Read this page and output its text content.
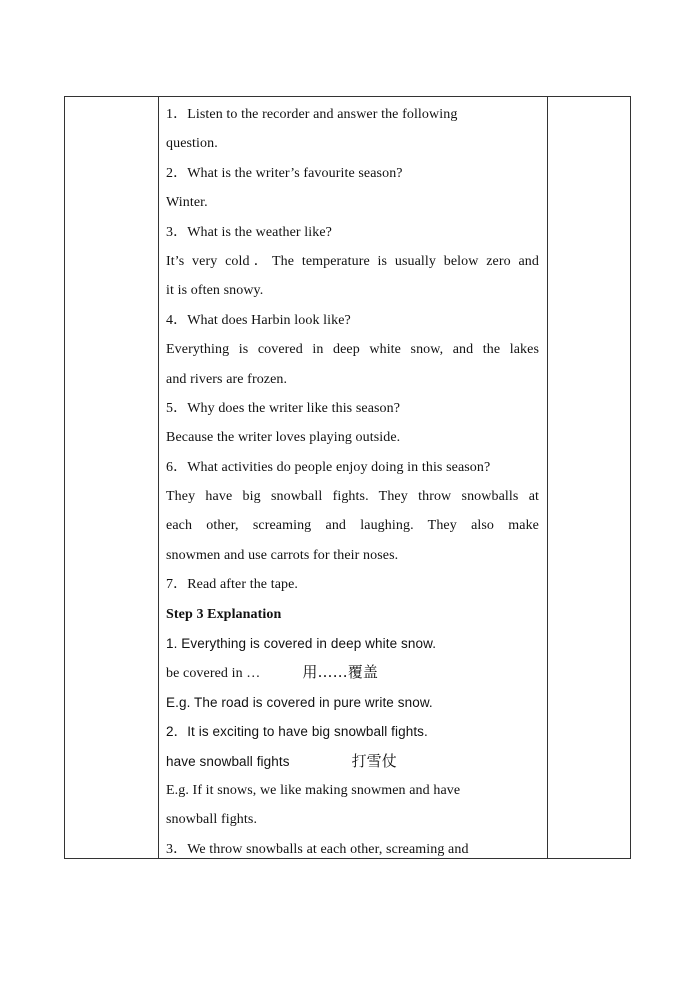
1．Listen to the recorder and answer the following
question.
2．What is the writer’s favourite season?
Winter.
3．What is the weather like?
It’s very cold．The temperature is usually below zero and
it is often snowy.
4．What does Harbin look like?
Everything is covered in deep white snow, and the lakes
and rivers are frozen.
5．Why does the writer like this season?
Because the writer loves playing outside.
6．What activities do people enjoy doing in this season?
They have big snowball fights. They throw snowballs at
each other, screaming and laughing. They also make
snowmen and use carrots for their noses.
7．Read after the tape.
Step 3 Explanation
1. Everything is covered in deep white snow.
be covered in …	用……覆盖
E.g. The road is covered in pure write snow.
2．It is exciting to have big snowball fights.
have snowball fights	打雪仗
E.g. If it snows, we like making snowmen and have
snowball fights.
3．We throw snowballs at each other, screaming and
